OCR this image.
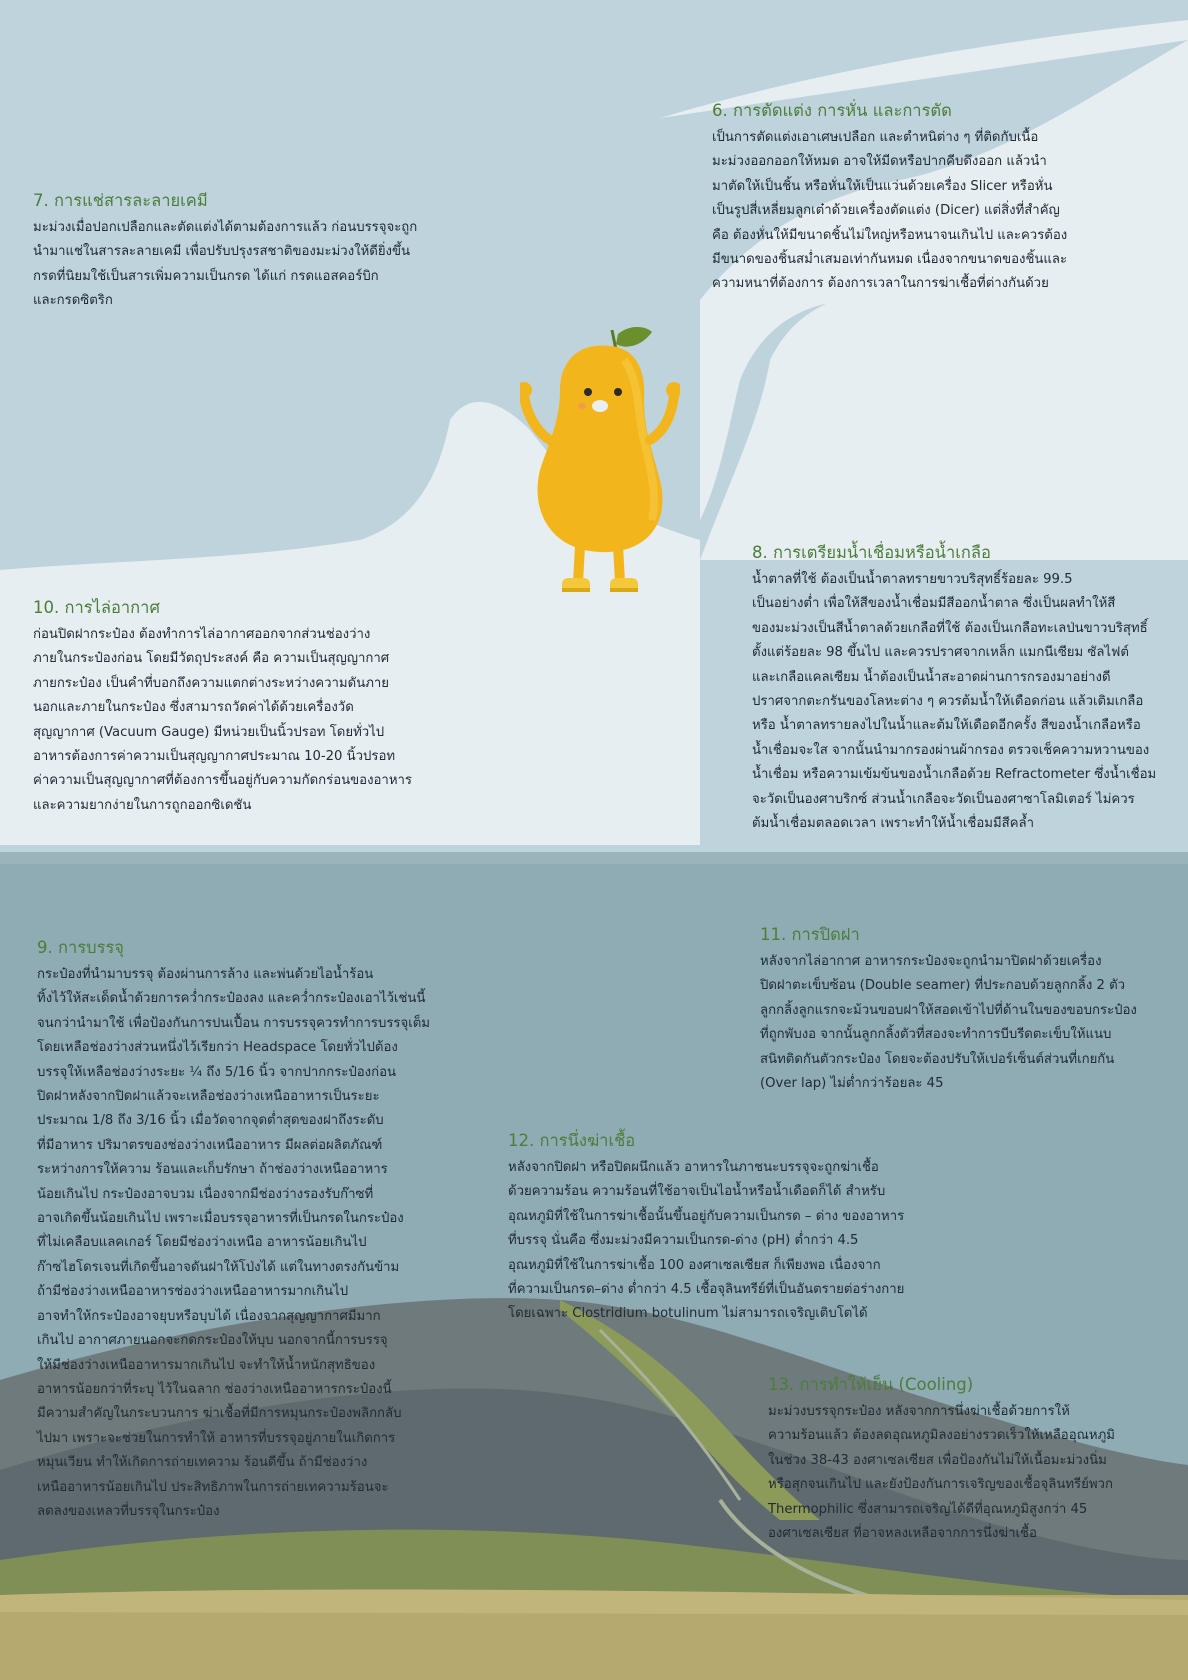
6. การตัดแต่ง การหั่น และการตัด

เป็นการตัดแต่งเอาเศษเปลือก และตำหนิต่าง ๆ ที่ติดกับเนื้อ
มะม่วงออกออกให้หมด อาจให้มีดหรือปากคีบดึงออก แล้วนำ
มาตัดให้เป็นชิ้น หรือหั่นให้เป็นแว่นด้วยเครื่อง Slicer หรือหั่น
เป็นรูปสี่เหลี่ยมลูกเต๋าด้วยเครื่องตัดแต่ง (Dicer) แต่สิ่งที่สำคัญ
คือ ต้องหั่นให้มีขนาดชิ้นไม่ใหญ่หรือหนาจนเกินไป และควรต้อง
มีขนาดของชิ้นสม่ำเสมอเท่ากันหมด เนื่องจากขนาดของชิ้นและ
ความหนาที่ต้องการ ต้องการเวลาในการฆ่าเชื้อที่ต่างกันด้วย

7. การแช่สารละลายเคมี

มะม่วงเมื่อปอกเปลือกและตัดแต่งได้ตามต้องการแล้ว ก่อนบรรจุจะถูก
นำมาแช่ในสารละลายเคมี เพื่อปรับปรุงรสชาติของมะม่วงให้ดียิ่งขึ้น
กรดที่นิยมใช้เป็นสารเพิ่มความเป็นกรด ได้แก่ กรดแอสคอร์บิก
และกรดซิตริก

8. การเตรียมน้ำเชื่อมหรือน้ำเกลือ

น้ำตาลที่ใช้ ต้องเป็นน้ำตาลทรายขาวบริสุทธิ์ร้อยละ 99.5
เป็นอย่างต่ำ เพื่อให้สีของน้ำเชื่อมมีสีออกน้ำตาล ซึ่งเป็นผลทำให้สี
ของมะม่วงเป็นสีน้ำตาลด้วยเกลือที่ใช้ ต้องเป็นเกลือทะเลป่นขาวบริสุทธิ์
ตั้งแต่ร้อยละ 98 ขึ้นไป และควรปราศจากเหล็ก แมกนีเซียม ซัลไฟต์
และเกลือแคลเซียม น้ำต้องเป็นน้ำสะอาดผ่านการกรองมาอย่างดี
ปราศจากตะกรันของโลหะต่าง ๆ ควรต้มน้ำให้เดือดก่อน แล้วเติมเกลือ
หรือ น้ำตาลทรายลงไปในน้ำและต้มให้เดือดอีกครั้ง สีของน้ำเกลือหรือ
น้ำเชื่อมจะใส จากนั้นนำมากรองผ่านผ้ากรอง ตรวจเช็คความหวานของ
น้ำเชื่อม หรือความเข้มข้นของน้ำเกลือด้วย Refractometer ซึ่งน้ำเชื่อม
จะวัดเป็นองศาบริกซ์ ส่วนน้ำเกลือจะวัดเป็นองศาซาโลมิเตอร์ ไม่ควร
ต้มน้ำเชื่อมตลอดเวลา เพราะทำให้น้ำเชื่อมมีสีคล้ำ

10. การไล่อากาศ

ก่อนปิดฝากระป๋อง ต้องทำการไล่อากาศออกจากส่วนช่องว่าง
ภายในกระป๋องก่อน โดยมีวัตถุประสงค์ คือ ความเป็นสุญญากาศ
ภายกระป๋อง เป็นคำที่บอกถึงความแตกต่างระหว่างความดันภาย
นอกและภายในกระป๋อง ซึ่งสามารถวัดค่าได้ด้วยเครื่องวัด
สุญญากาศ (Vacuum Gauge) มีหน่วยเป็นนิ้วปรอท โดยทั่วไป
อาหารต้องการค่าความเป็นสุญญากาศประมาณ 10-20 นิ้วปรอท
ค่าความเป็นสุญญากาศที่ต้องการขึ้นอยู่กับความกัดกร่อนของอาหาร
และความยากง่ายในการถูกออกซิเดชัน

9. การบรรจุ

กระป๋องที่นำมาบรรจุ ต้องผ่านการล้าง และพ่นด้วยไอน้ำร้อน
ทิ้งไว้ให้สะเด็ดน้ำด้วยการคว่ำกระป๋องลง และคว่ำกระป๋องเอาไว้เช่นนี้
จนกว่านำมาใช้ เพื่อป้องกันการปนเปื้อน การบรรจุควรทำการบรรจุเต็ม
โดยเหลือช่องว่างส่วนหนึ่งไว้เรียกว่า Headspace โดยทั่วไปต้อง
บรรจุให้เหลือช่องว่างระยะ ¼ ถึง 5/16 นิ้ว จากปากกระป๋องก่อน
ปิดฝาหลังจากปิดฝาแล้วจะเหลือช่องว่างเหนืออาหารเป็นระยะ
ประมาณ 1/8 ถึง 3/16 นิ้ว เมื่อวัดจากจุดต่ำสุดของฝาถึงระดับ
ที่มีอาหาร ปริมาตรของช่องว่างเหนืออาหาร มีผลต่อผลิตภัณฑ์
ระหว่างการให้ความ ร้อนและเก็บรักษา ถ้าช่องว่างเหนืออาหาร
น้อยเกินไป กระป๋องอาจบวม เนื่องจากมีช่องว่างรองรับก๊าซที่
อาจเกิดขึ้นน้อยเกินไป เพราะเมื่อบรรจุอาหารที่เป็นกรดในกระป๋อง
ที่ไม่เคลือบแลคเกอร์ โดยมีช่องว่างเหนือ อาหารน้อยเกินไป
ก๊าซไฮโดรเจนที่เกิดขึ้นอาจดันฝาให้โป่งได้ แต่ในทางตรงกันข้าม
ถ้ามีช่องว่างเหนืออาหารช่องว่างเหนืออาหารมากเกินไป
อาจทำให้กระป๋องอาจยุบหรือบุบได้ เนื่องจากสุญญากาศมีมาก
เกินไป อากาศภายนอกจะกดกระป๋องให้บุบ นอกจากนี้การบรรจุ
ให้มีช่องว่างเหนืออาหารมากเกินไป จะทำให้น้ำหนักสุทธิของ
อาหารน้อยกว่าที่ระบุ ไว้ในฉลาก ช่องว่างเหนืออาหารกระป๋องนี้
มีความสำคัญในกระบวนการ ฆ่าเชื้อที่มีการหมุนกระป๋องพลิกกลับ
ไปมา เพราะจะช่วยในการทำให้ อาหารที่บรรจุอยู่ภายในเกิดการ
หมุนเวียน ทำให้เกิดการถ่ายเทความ ร้อนดีขึ้น ถ้ามีช่องว่าง
เหนืออาหารน้อยเกินไป ประสิทธิภาพในการถ่ายเทความร้อนจะ
ลดลงของเหลวที่บรรจุในกระป๋อง

11. การปิดฝา

หลังจากไล่อากาศ อาหารกระป๋องจะถูกนำมาปิดฝาด้วยเครื่อง
ปิดฝาตะเข็บซ้อน (Double seamer) ที่ประกอบด้วยลูกกลิ้ง 2 ตัว
ลูกกลิ้งลูกแรกจะม้วนขอบฝาให้สอดเข้าไปที่ด้านในของขอบกระป๋อง
ที่ถูกพับงอ จากนั้นลูกกลิ้งตัวที่สองจะทำการบีบรีดตะเข็บให้แนบ
สนิทติดกันตัวกระป๋อง โดยจะต้องปรับให้เปอร์เซ็นต์ส่วนที่เกยกัน
(Over lap) ไม่ต่ำกว่าร้อยละ 45

12. การนึ่งฆ่าเชื้อ

หลังจากปิดฝา หรือปิดผนึกแล้ว อาหารในภาชนะบรรจุจะถูกฆ่าเชื้อ
ด้วยความร้อน ความร้อนที่ใช้อาจเป็นไอน้ำหรือน้ำเดือดก็ได้ สำหรับ
อุณหภูมิที่ใช้ในการฆ่าเชื้อนั้นขึ้นอยู่กับความเป็นกรด – ด่าง ของอาหาร
ที่บรรจุ นั่นคือ ซึ่งมะม่วงมีความเป็นกรด-ด่าง (pH) ต่ำกว่า 4.5
อุณหภูมิที่ใช้ในการฆ่าเชื้อ 100 องศาเซลเซียส ก็เพียงพอ เนื่องจาก
ที่ความเป็นกรด–ด่าง ต่ำกว่า 4.5 เชื้อจุลินทรีย์ที่เป็นอันตรายต่อร่างกาย
โดยเฉพาะ Clostridium botulinum ไม่สามารถเจริญเติบโตได้

13. การทำให้เย็น (Cooling)

มะม่วงบรรจุกระป๋อง หลังจากการนึ่งฆ่าเชื้อด้วยการให้
ความร้อนแล้ว ต้องลดอุณหภูมิลงอย่างรวดเร็วให้เหลืออุณหภูมิ
ในช่วง 38-43 องศาเซลเซียส เพื่อป้องกันไม่ให้เนื้อมะม่วงนิ่ม
หรือสุกจนเกินไป และยังป้องกันการเจริญของเชื้อจุลินทรีย์พวก
Thermophilic ซึ่งสามารถเจริญได้ดีที่อุณหภูมิสูงกว่า 45
องศาเซลเซียส ที่อาจหลงเหลือจากการนึ่งฆ่าเชื้อ
